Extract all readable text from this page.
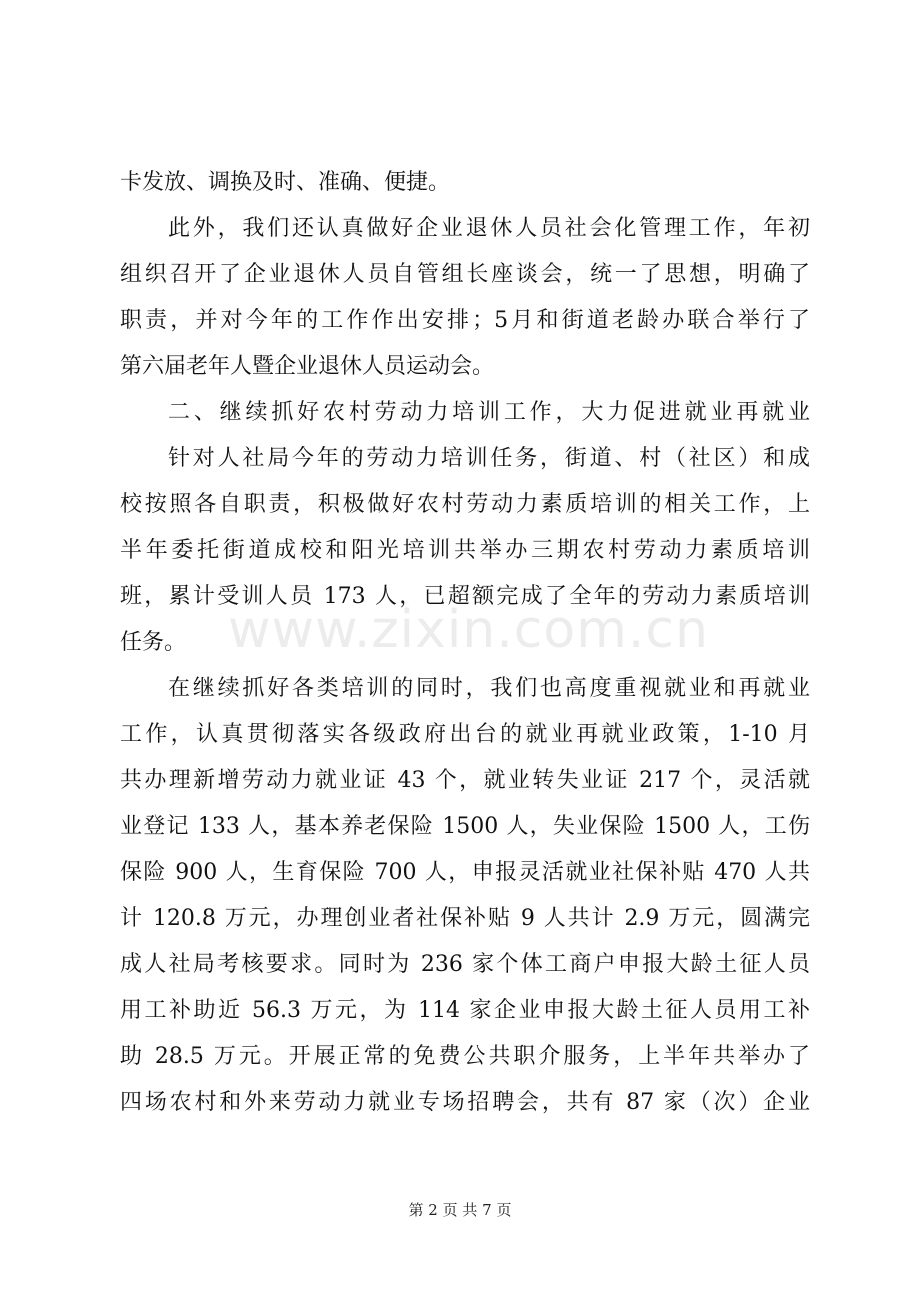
www.zixin.com.cn
卡发放、调换及时、准确、便捷。
此外，我们还认真做好企业退休人员社会化管理工作，年初
组织召开了企业退休人员自管组长座谈会，统一了思想，明确了
职责，并对今年的工作作出安排；5月和街道老龄办联合举行了
第六届老年人暨企业退休人员运动会。
二、继续抓好农村劳动力培训工作，大力促进就业再就业
针对人社局今年的劳动力培训任务，街道、村（社区）和成
校按照各自职责，积极做好农村劳动力素质培训的相关工作，上
半年委托街道成校和阳光培训共举办三期农村劳动力素质培训
班，累计受训人员 173 人，已超额完成了全年的劳动力素质培训
任务。
在继续抓好各类培训的同时，我们也高度重视就业和再就业
工作，认真贯彻落实各级政府出台的就业再就业政策，1-10 月
共办理新增劳动力就业证 43 个，就业转失业证 217 个，灵活就
业登记 133 人，基本养老保险 1500 人，失业保险 1500 人，工伤
保险 900 人，生育保险 700 人，申报灵活就业社保补贴 470 人共
计 120.8 万元，办理创业者社保补贴 9 人共计 2.9 万元，圆满完
成人社局考核要求。同时为 236 家个体工商户申报大龄土征人员
用工补助近 56.3 万元，为 114 家企业申报大龄土征人员用工补
助 28.5 万元。开展正常的免费公共职介服务，上半年共举办了
四场农村和外来劳动力就业专场招聘会，共有 87 家（次）企业
第 2 页 共 7 页
